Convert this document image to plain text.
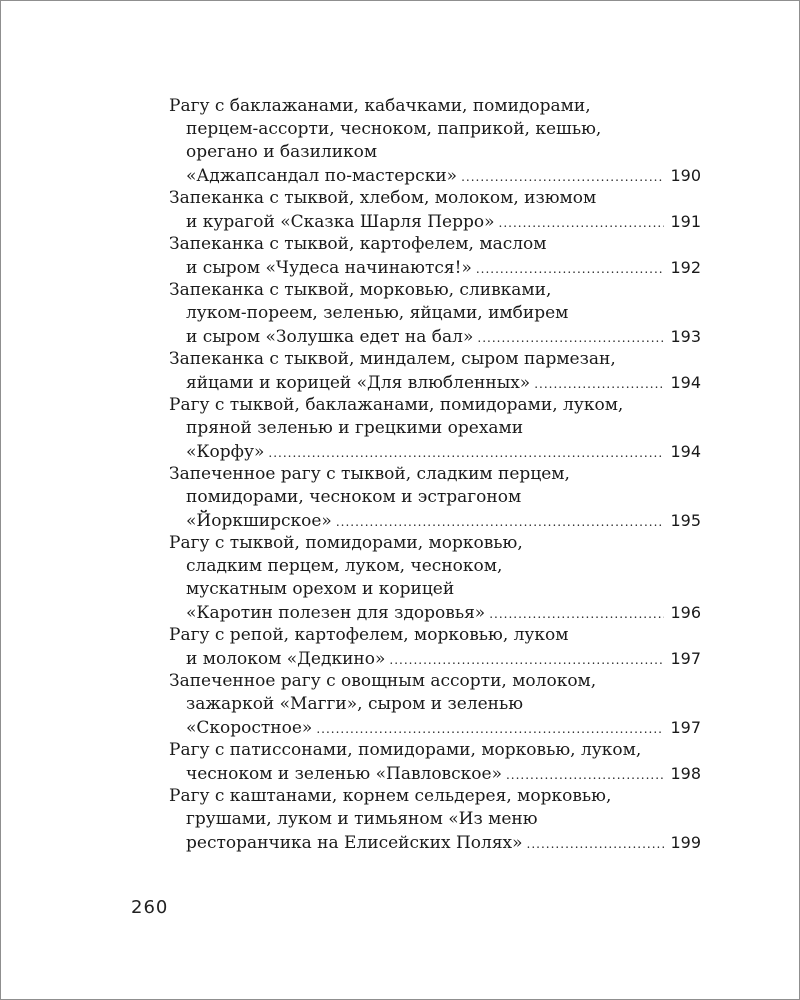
Рагу с баклажанами, кабачками, помидорами,
перцем-ассорти, чесноком, паприкой, кешью,
орегано и базиликом
«Аджапсандал по-мастерски» .....	190
Запеканка с тыквой, хлебом, молоком, изюмом
и курагой «Сказка Шарля Перро» .....	191
Запеканка с тыквой, картофелем, маслом
и сыром «Чудеса начинаются!» .....	192
Запеканка с тыквой, морковью, сливками,
луком-пореем, зеленью, яйцами, имбирем
и сыром «Золушка едет на бал» .....	193
Запеканка с тыквой, миндалем, сыром пармезан,
яйцами и корицей «Для влюбленных» .....	194
Рагу с тыквой, баклажанами, помидорами, луком,
пряной зеленью и грецкими орехами
«Корфу» .....	194
Запеченное рагу с тыквой, сладким перцем,
помидорами, чесноком и эстрагоном
«Йоркширское» .....	195
Рагу с тыквой, помидорами, морковью,
сладким перцем, луком, чесноком,
мускатным орехом и корицей
«Каротин полезен для здоровья» .....	196
Рагу с репой, картофелем, морковью, луком
и молоком «Дедкино» .....	197
Запеченное рагу с овощным ассорти, молоком,
зажаркой «Магги», сыром и зеленью
«Скоростное» .....	197
Рагу с патиссонами, помидорами, морковью, луком,
чесноком и зеленью «Павловское» .....	198
Рагу с каштанами, корнем сельдерея, морковью,
грушами, луком и тимьяном «Из меню
ресторанчика на Елисейских Полях» .....	199
260
